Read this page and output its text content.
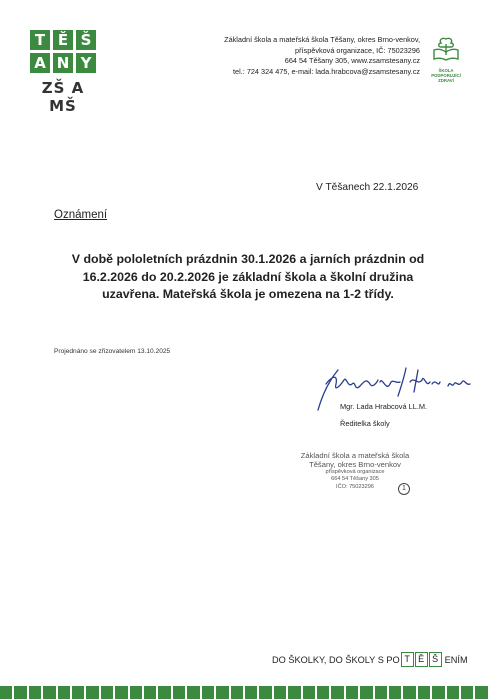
T Ě Š
A N Y
ZŠ A MŠ
Základní škola a mateřská škola Těšany, okres Brno-venkov,
příspěvková organizace, IČ: 75023296
664 54 Těšany 305, www.zsamstesany.cz
tel.: 724 324 475, e-mail: lada.hrabcova@zsamstesany.cz	ŠKOLA PODPORUJÍCÍ ZDRAVÍ
V Těšanech 22.1.2026
Oznámení
V době pololetních prázdnin 30.1.2026 a jarních prázdnin od
16.2.2026 do 20.2.2026 je základní škola a školní družina
uzavřena. Mateřská škola je omezena na 1-2 třídy.
Projednáno se zřizovatelem 13.10.2025
Mgr. Lada Hrabcová LL.M.
Ředitelka školy
Základní škola a mateřská škola
Těšany, okres Brno-venkov
příspěvková organizace
664 54 Těšany 305
IČO: 75023296	1
DO ŠKOLKY, DO ŠKOLY S PO T Ě Š ENÍM
